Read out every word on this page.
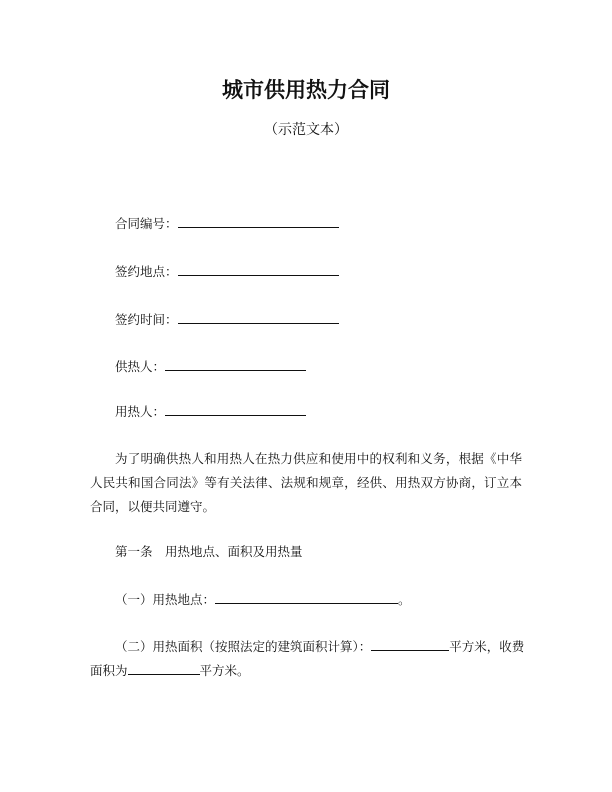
城市供用热力合同
（示范文本）
合同编号：
签约地点：
签约时间：
供热人：
用热人：
为了明确供热人和用热人在热力供应和使用中的权利和义务，根据《中华人民共和国合同法》等有关法律、法规和规章，经供、用热双方协商，订立本合同，以便共同遵守。
第一条　用热地点、面积及用热量
（一）用热地点：	。
（二）用热面积（按照法定的建筑面积计算）：	平方米，收费
面积为	平方米。
